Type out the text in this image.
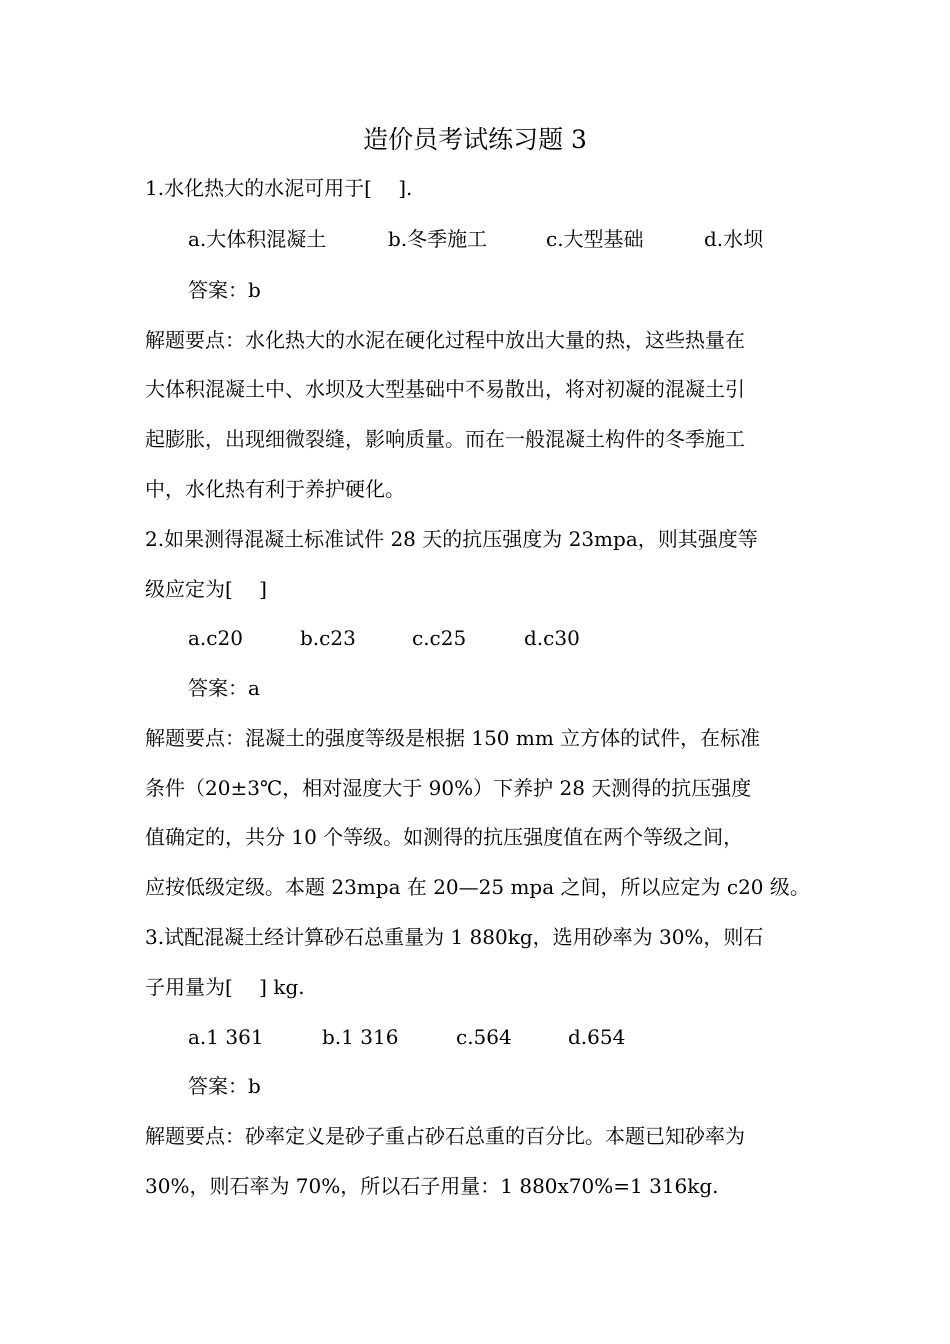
造价员考试练习题 3
1.水化热大的水泥可用于[　 ].
a.大体积混凝土	b.冬季施工	c.大型基础	d.水坝
答案：b
解题要点：水化热大的水泥在硬化过程中放出大量的热，这些热量在
大体积混凝土中、水坝及大型基础中不易散出，将对初凝的混凝土引
起膨胀，出现细微裂缝，影响质量。而在一般混凝土构件的冬季施工
中，水化热有利于养护硬化。
2.如果测得混凝土标准试件 28 天的抗压强度为 23mpa，则其强度等
级应定为[　 ]
a.c20	b.c23	c.c25	d.c30
答案：a
解题要点：混凝土的强度等级是根据 150 mm 立方体的试件，在标准
条件（20±3℃，相对湿度大于 90%）下养护 28 天测得的抗压强度
值确定的，共分 10 个等级。如测得的抗压强度值在两个等级之间，
应按低级定级。本题 23mpa 在 20—25 mpa 之间，所以应定为 c20 级。
3.试配混凝土经计算砂石总重量为 1 880kg，选用砂率为 30%，则石
子用量为[　 ] kg.
a.1 361	b.1 316	c.564	d.654
答案：b
解题要点：砂率定义是砂子重占砂石总重的百分比。本题已知砂率为
30%，则石率为 70%，所以石子用量：1 880x70%=1 316kg.
